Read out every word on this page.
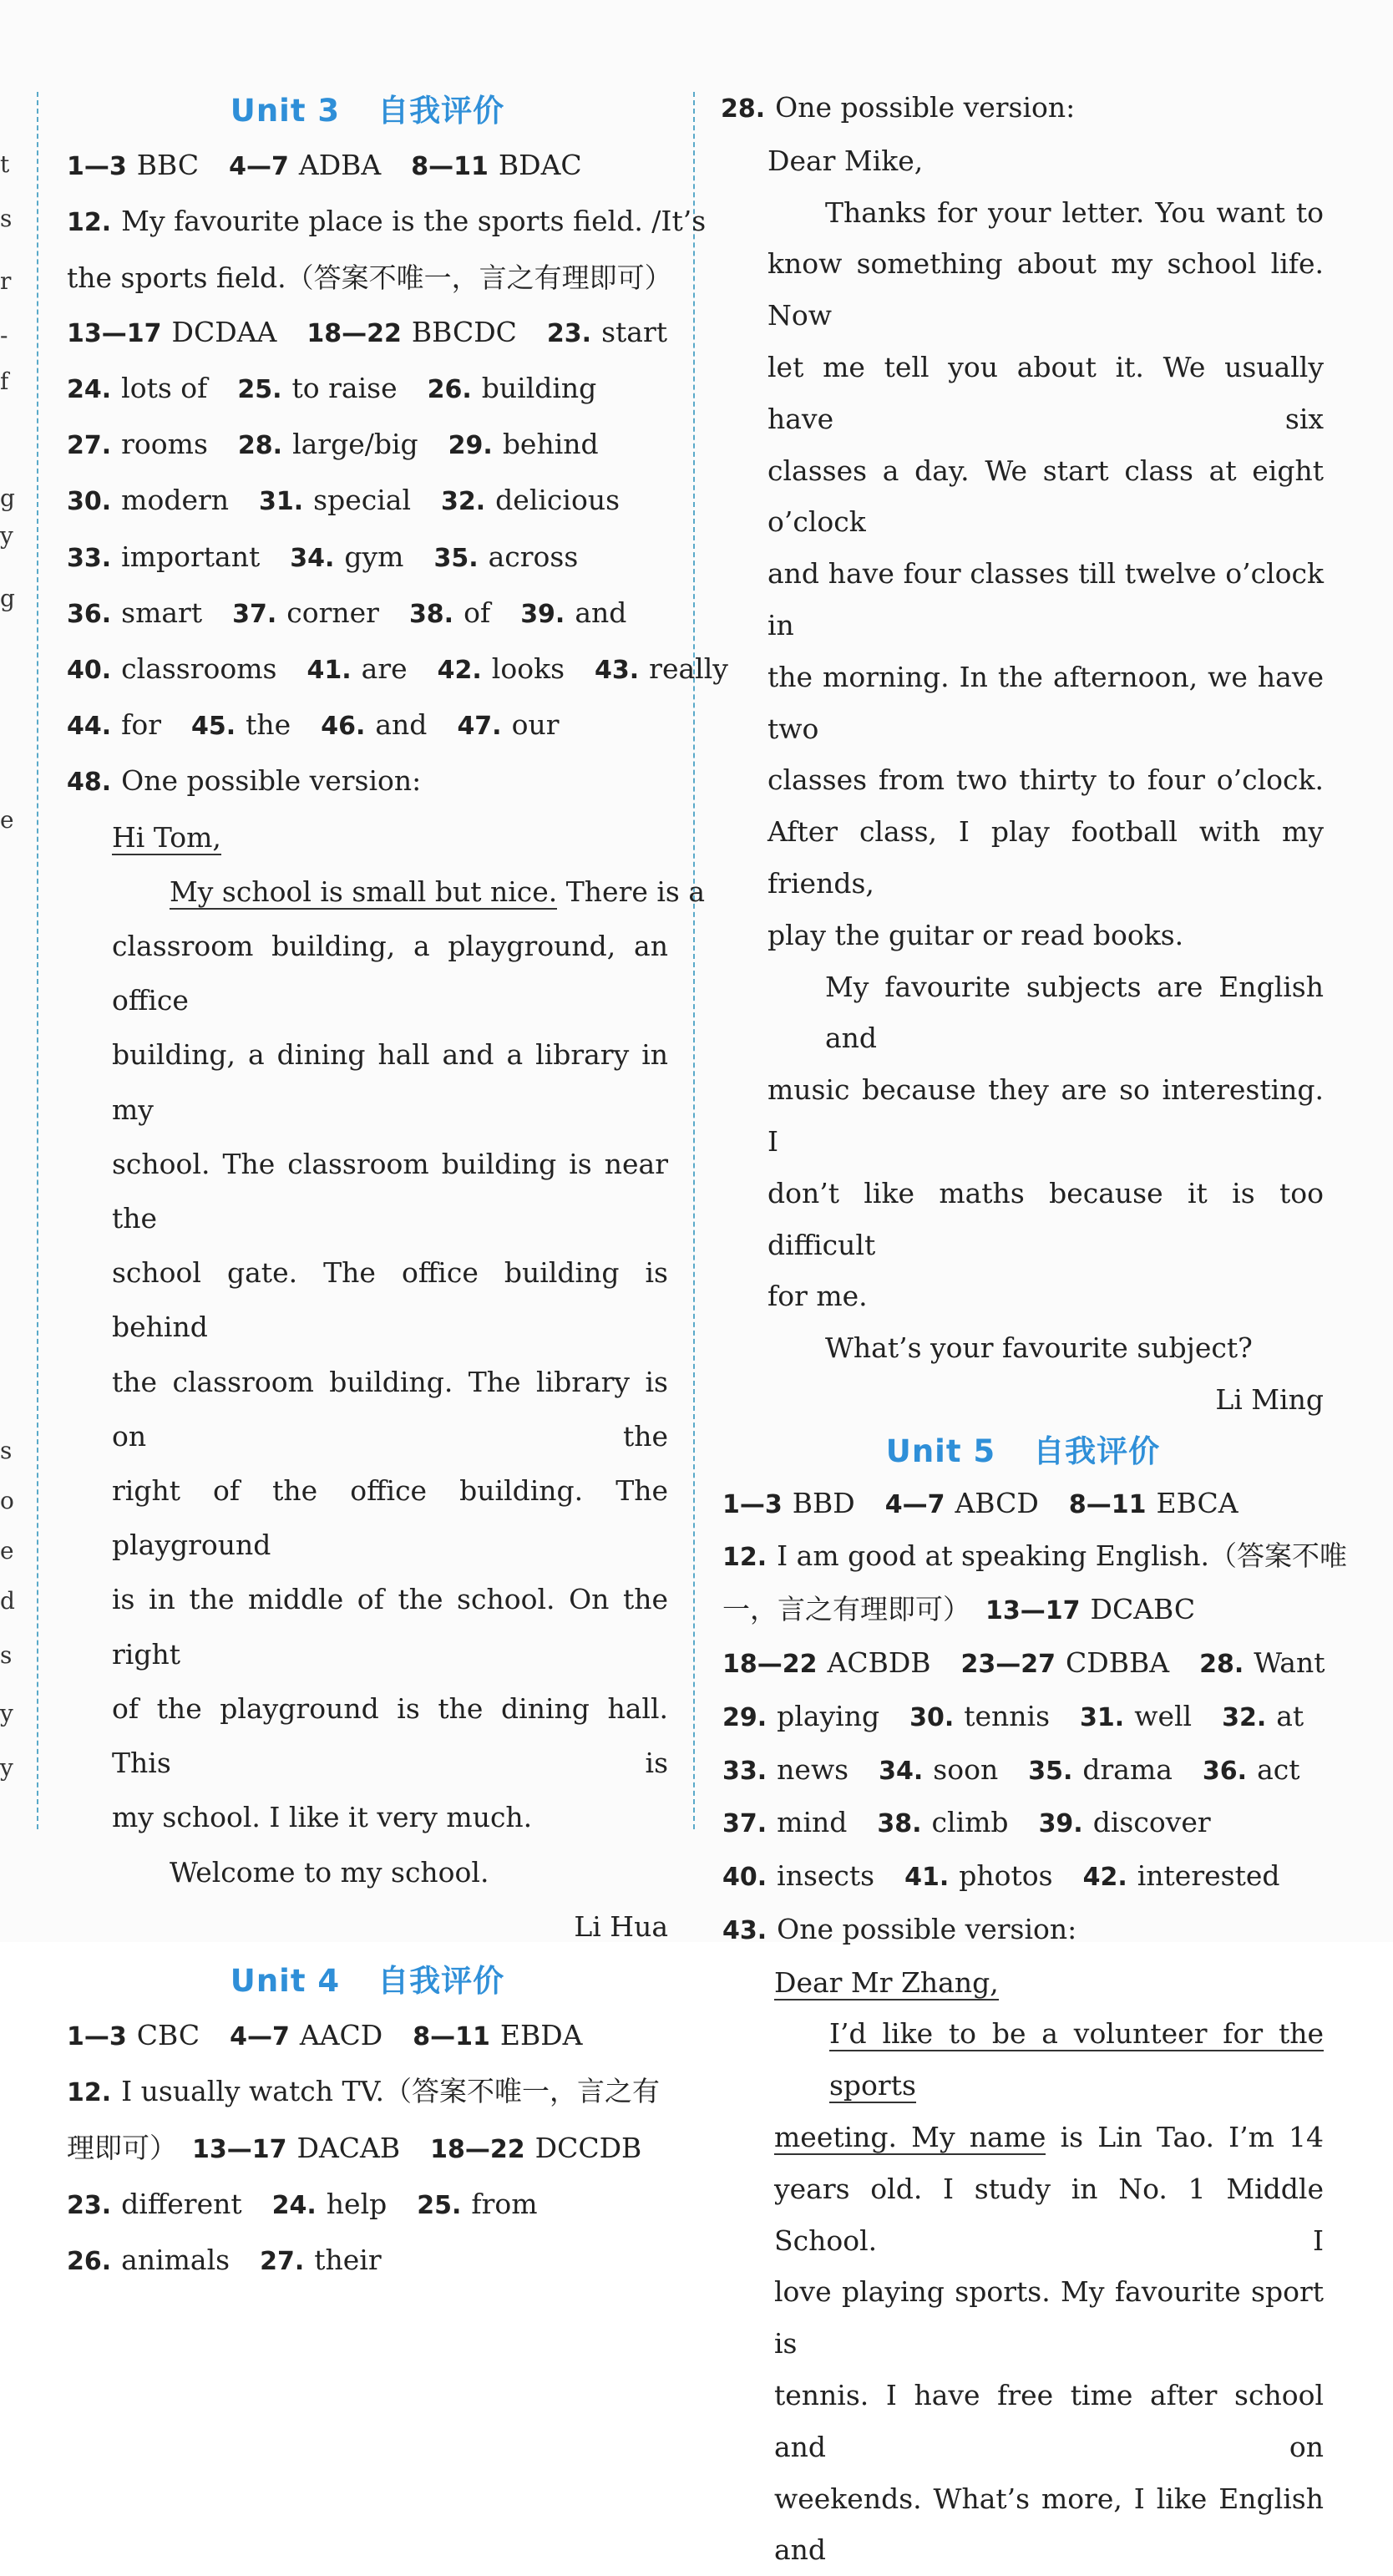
t
s
r
-
f
g
y
g
e
s
o
e
d
s
y
y
Unit 3 自我评价
1—3 BBC 4—7 ADBA 8—11 BDAC
12. My favourite place is the sports field. /It’s
the sports field.（答案不唯一，言之有理即可）
13—17 DCDAA 18—22 BBCDC 23. start
24. lots of 25. to raise 26. building
27. rooms 28. large/big 29. behind
30. modern 31. special 32. delicious
33. important 34. gym 35. across
36. smart 37. corner 38. of 39. and
40. classrooms 41. are 42. looks 43. really
44. for 45. the 46. and 47. our
48. One possible version:
Hi Tom,
My school is small but nice. There is a
classroom building, a playground, an office
building, a dining hall and a library in my
school. The classroom building is near the
school gate. The office building is behind
the classroom building. The library is on the
right of the office building. The playground
is in the middle of the school. On the right
of the playground is the dining hall. This is
my school. I like it very much.
Welcome to my school.
Li Hua
Unit 4 自我评价
1—3 CBC 4—7 AACD 8—11 EBDA
12. I usually watch TV.（答案不唯一，言之有
理即可） 13—17 DACAB 18—22 DCCDB
23. different 24. help 25. from
26. animals 27. their
28. One possible version:
Dear Mike,
Thanks for your letter. You want to
know something about my school life. Now
let me tell you about it. We usually have six
classes a day. We start class at eight o’clock
and have four classes till twelve o’clock in
the morning. In the afternoon, we have two
classes from two thirty to four o’clock.
After class, I play football with my friends,
play the guitar or read books.
My favourite subjects are English and
music because they are so interesting. I
don’t like maths because it is too difficult
for me.
What’s your favourite subject?
Li Ming
Unit 5 自我评价
1—3 BBD 4—7 ABCD 8—11 EBCA
12. I am good at speaking English.（答案不唯
一，言之有理即可） 13—17 DCABC
18—22 ACBDB 23—27 CDBBA 28. Want
29. playing 30. tennis 31. well 32. at
33. news 34. soon 35. drama 36. act
37. mind 38. climb 39. discover
40. insects 41. photos 42. interested
43. One possible version:
Dear Mr Zhang,
I’d like to be a volunteer for the sports
meeting. My name is Lin Tao. I’m 14
years old. I study in No. 1 Middle School. I
love playing sports. My favourite sport is
tennis. I have free time after school and on
weekends. What’s more, I like English and
